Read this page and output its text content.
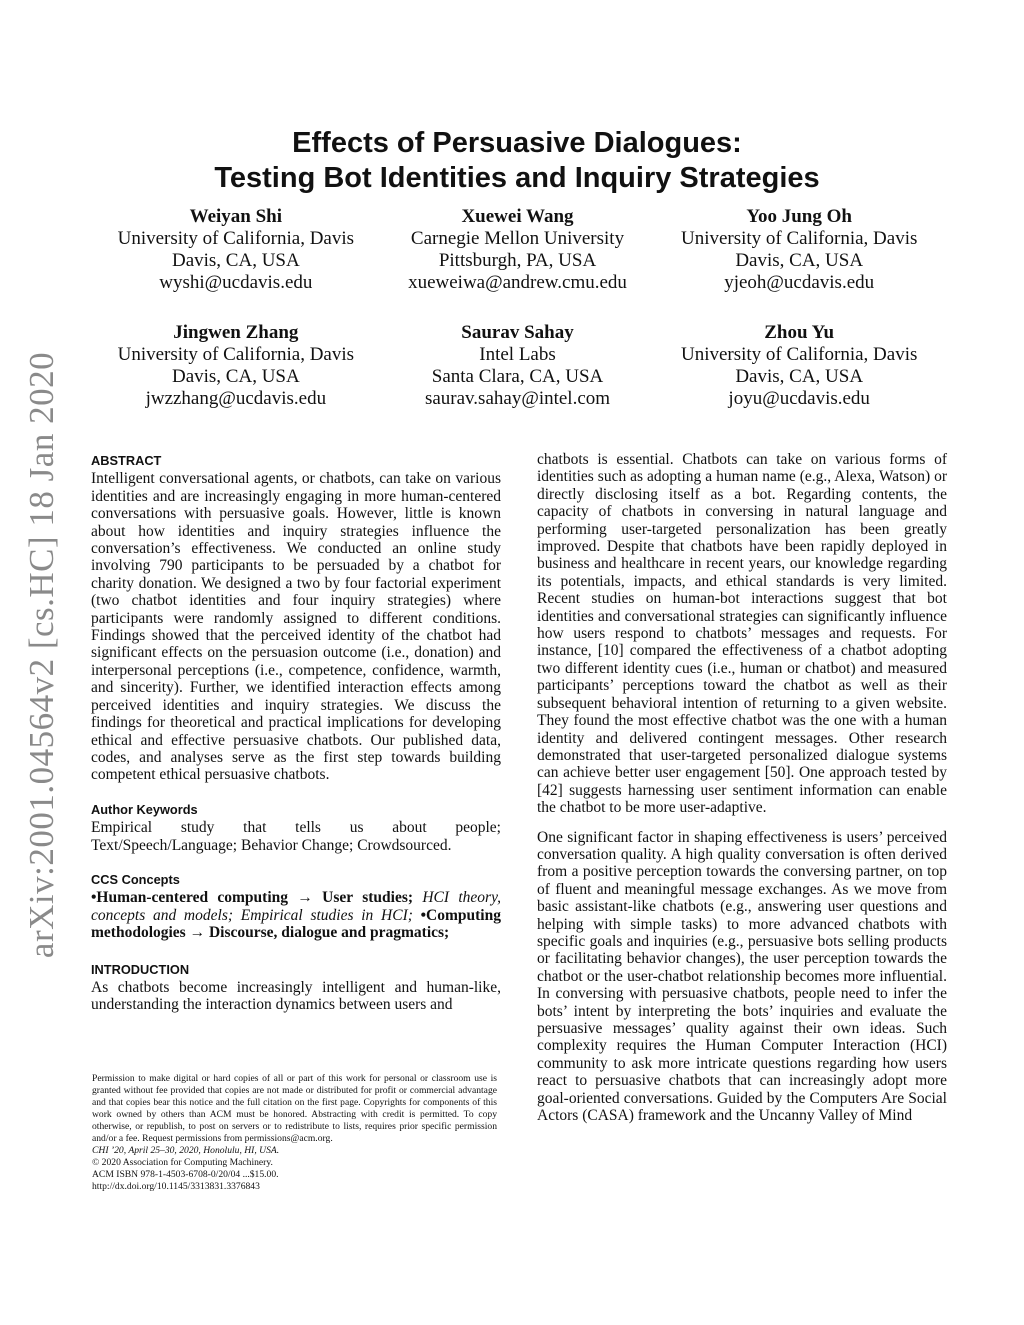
arXiv:2001.04564v2 [cs.HC] 18 Jan 2020
Effects of Persuasive Dialogues:
Testing Bot Identities and Inquiry Strategies
Weiyan Shi
University of California, Davis
Davis, CA, USA
wyshi@ucdavis.edu
Xuewei Wang
Carnegie Mellon University
Pittsburgh, PA, USA
xueweiwa@andrew.cmu.edu
Yoo Jung Oh
University of California, Davis
Davis, CA, USA
yjeoh@ucdavis.edu
Jingwen Zhang
University of California, Davis
Davis, CA, USA
jwzzhang@ucdavis.edu
Saurav Sahay
Intel Labs
Santa Clara, CA, USA
saurav.sahay@intel.com
Zhou Yu
University of California, Davis
Davis, CA, USA
joyu@ucdavis.edu
ABSTRACT

Intelligent conversational agents, or chatbots, can take on various identities and are increasingly engaging in more human-centered conversations with persuasive goals. However, little is known about how identities and inquiry strategies influence the conversation’s effectiveness. We conducted an online study involving 790 participants to be persuaded by a chatbot for charity donation. We designed a two by four factorial experiment (two chatbot identities and four inquiry strategies) where participants were randomly assigned to different conditions. Findings showed that the perceived identity of the chatbot had significant effects on the persuasion outcome (i.e., donation) and interpersonal perceptions (i.e., competence, confidence, warmth, and sincerity). Further, we identified interaction effects among perceived identities and inquiry strategies. We discuss the findings for theoretical and practical implications for developing ethical and effective persuasive chatbots. Our published data, codes, and analyses serve as the first step towards building competent ethical persuasive chatbots.

Author Keywords

Empirical study that tells us about people; Text/Speech/Language; Behavior Change; Crowdsourced.

CCS Concepts

•Human-centered computing → User studies; HCI theory, concepts and models; Empirical studies in HCI; •Computing methodologies → Discourse, dialogue and pragmatics;

INTRODUCTION

As chatbots become increasingly intelligent and human-like, understanding the interaction dynamics between users and

Permission to make digital or hard copies of all or part of this work for personal or classroom use is granted without fee provided that copies are not made or distributed for profit or commercial advantage and that copies bear this notice and the full citation on the first page. Copyrights for components of this work owned by others than ACM must be honored. Abstracting with credit is permitted. To copy otherwise, or republish, to post on servers or to redistribute to lists, requires prior specific permission and/or a fee. Request permissions from permissions@acm.org.
CHI ’20, April 25–30, 2020, Honolulu, HI, USA.
© 2020 Association for Computing Machinery.
ACM ISBN 978-1-4503-6708-0/20/04 ...$15.00.
http://dx.doi.org/10.1145/3313831.3376843

chatbots is essential. Chatbots can take on various forms of identities such as adopting a human name (e.g., Alexa, Watson) or directly disclosing itself as a bot. Regarding contents, the capacity of chatbots in conversing in natural language and performing user-targeted personalization has been greatly improved. Despite that chatbots have been rapidly deployed in business and healthcare in recent years, our knowledge regarding its potentials, impacts, and ethical standards is very limited. Recent studies on human-bot interactions suggest that bot identities and conversational strategies can significantly influence how users respond to chatbots’ messages and requests. For instance, [10] compared the effectiveness of a chatbot adopting two different identity cues (i.e., human or chatbot) and measured participants’ perceptions toward the chatbot as well as their subsequent behavioral intention of returning to a given website. They found the most effective chatbot was the one with a human identity and delivered contingent messages. Other research demonstrated that user-targeted personalized dialogue systems can achieve better user engagement [50]. One approach tested by [42] suggests harnessing user sentiment information can enable the chatbot to be more user-adaptive.

One significant factor in shaping effectiveness is users’ perceived conversation quality. A high quality conversation is often derived from a positive perception towards the conversing partner, on top of fluent and meaningful message exchanges. As we move from basic assistant-like chatbots (e.g., answering user questions and helping with simple tasks) to more advanced chatbots with specific goals and inquiries (e.g., persuasive bots selling products or facilitating behavior changes), the user perception towards the chatbot or the user-chatbot relationship becomes more influential. In conversing with persuasive chatbots, people need to infer the bots’ intent by interpreting the bots’ inquiries and evaluate the persuasive messages’ quality against their own ideas. Such complexity requires the Human Computer Interaction (HCI) community to ask more intricate questions regarding how users react to persuasive chatbots that can increasingly adopt more goal-oriented conversations. Guided by the Computers Are Social Actors (CASA) framework and the Uncanny Valley of Mind
